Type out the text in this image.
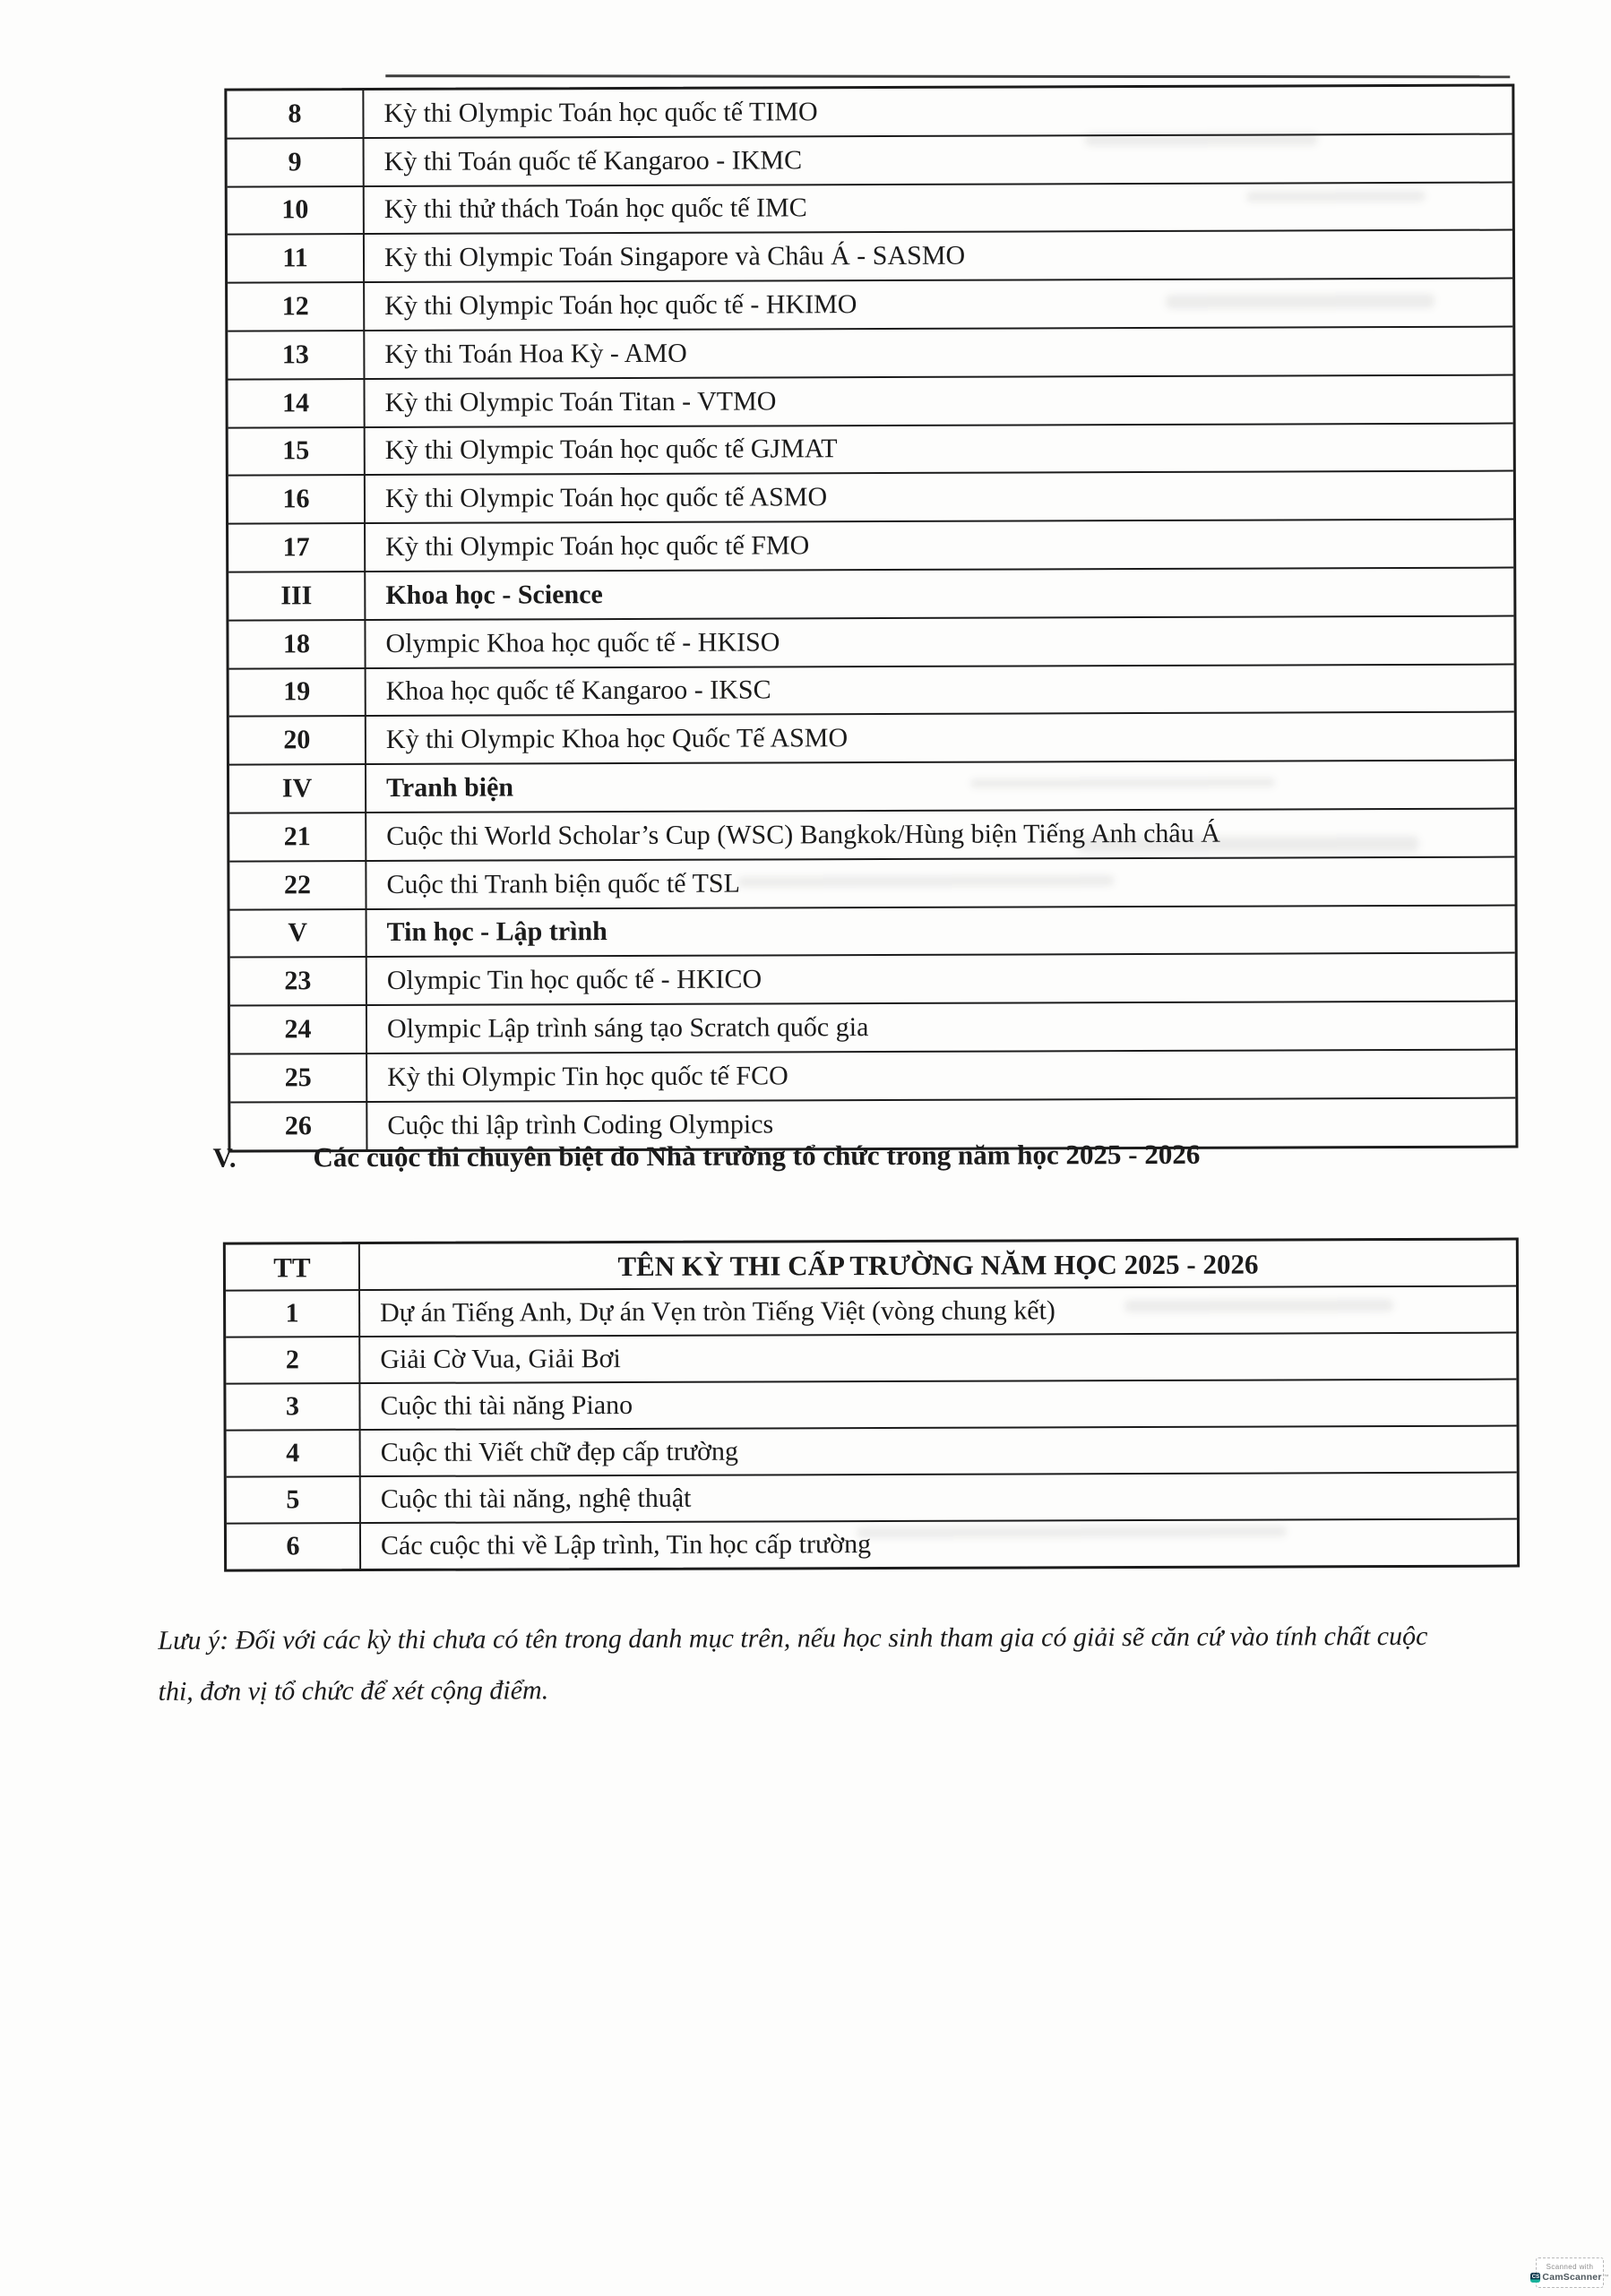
8	Kỳ thi Olympic Toán học quốc tế TIMO
9	Kỳ thi Toán quốc tế Kangaroo - IKMC
10	Kỳ thi thử thách Toán học quốc tế IMC
11	Kỳ thi Olympic Toán Singapore và Châu Á - SASMO
12	Kỳ thi Olympic Toán học quốc tế - HKIMO
13	Kỳ thi Toán Hoa Kỳ - AMO
14	Kỳ thi Olympic Toán Titan - VTMO
15	Kỳ thi Olympic Toán học quốc tế GJMAT
16	Kỳ thi Olympic Toán học quốc tế ASMO
17	Kỳ thi Olympic Toán học quốc tế FMO
III	Khoa học - Science
18	Olympic Khoa học quốc tế - HKISO
19	Khoa học quốc tế Kangaroo - IKSC
20	Kỳ thi Olympic Khoa học Quốc Tế ASMO
IV	Tranh biện
21	Cuộc thi World Scholar’s Cup (WSC) Bangkok/Hùng biện Tiếng Anh châu Á
22	Cuộc thi Tranh biện quốc tế TSL
V	Tin học - Lập trình
23	Olympic Tin học quốc tế - HKICO
24	Olympic Lập trình sáng tạo Scratch quốc gia
25	Kỳ thi Olympic Tin học quốc tế FCO
26	Cuộc thi lập trình Coding Olympics
V.	Các cuộc thi chuyên biệt do Nhà trường tổ chức trong năm học 2025 - 2026
TT	TÊN KỲ THI CẤP TRƯỜNG NĂM HỌC 2025 - 2026
1	Dự án Tiếng Anh, Dự án Vẹn tròn Tiếng Việt (vòng chung kết)
2	Giải Cờ Vua, Giải Bơi
3	Cuộc thi tài năng Piano
4	Cuộc thi Viết chữ đẹp cấp trường
5	Cuộc thi tài năng, nghệ thuật
6	Các cuộc thi về Lập trình, Tin học cấp trường
Lưu ý: Đối với các kỳ thi chưa có tên trong danh mục trên, nếu học sinh tham gia có giải sẽ căn cứ vào tính chất cuộc thi, đơn vị tổ chức để xét cộng điểm.
Scanned with
CS CamScanner ™
